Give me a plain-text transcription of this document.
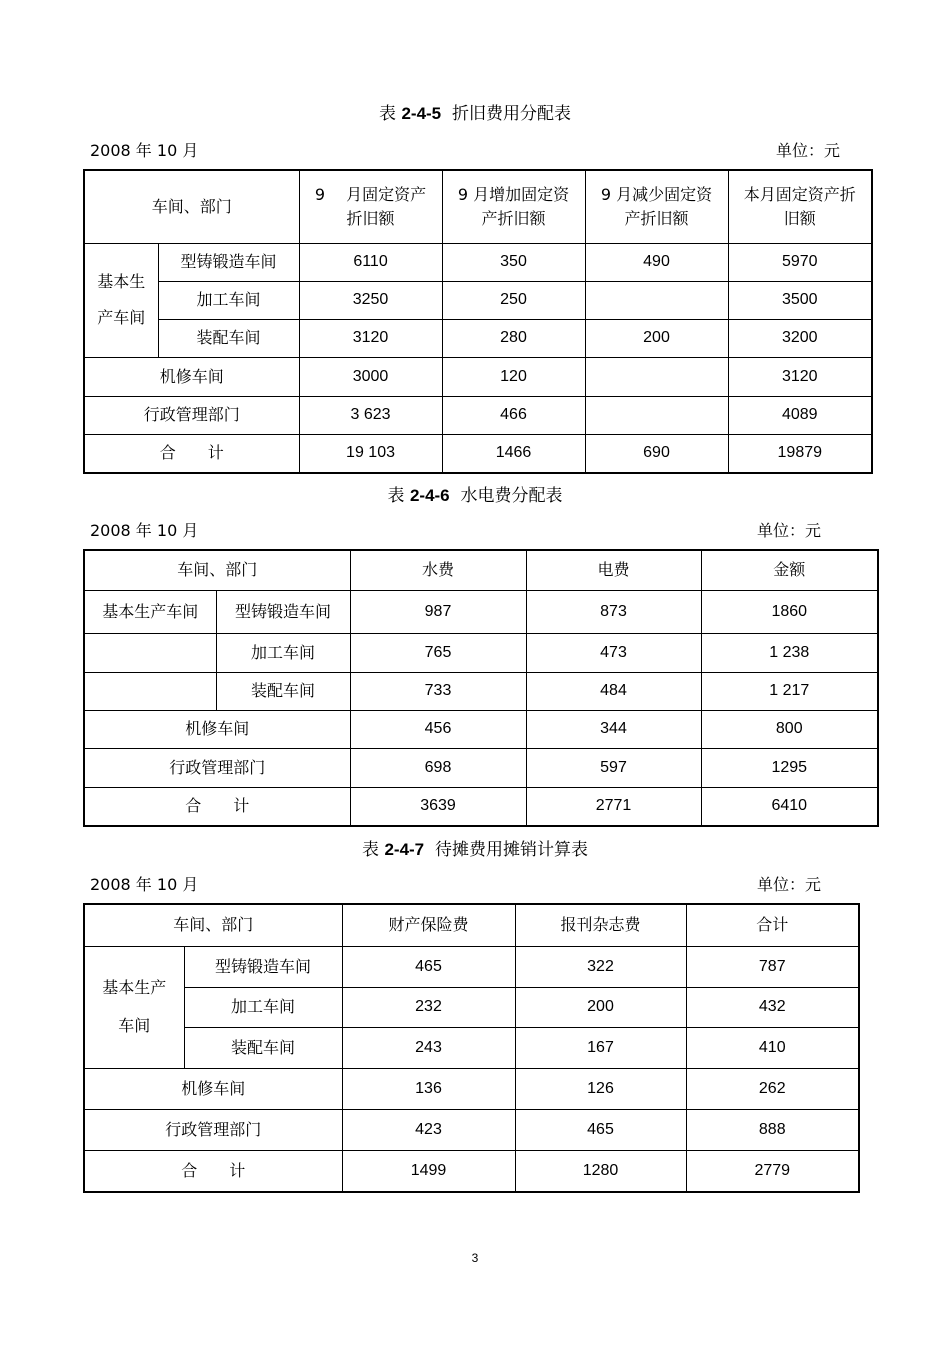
表 2-4-5 折旧费用分配表
2008 年 10 月	单位：元
车间、部门		9　 月固定资产折旧额	9 月增加固定资产折旧额	9 月减少固定资产折旧额	本月固定资产折旧额
基本生产车间	型铸锻造车间	6110	350	490	5970
	加工车间	3250	250		3500
	装配车间	3120	280	200	3200
机修车间		3000	120		3120
行政管理部门		3 623	466		4089
合　　计		19 103	1466	690	19879
表 2-4-6 水电费分配表
2008 年 10 月	单位：元
车间、部门		水费	电费	金额
基本生产车间	型铸锻造车间	987	873	1860
	加工车间	765	473	1 238
	装配车间	733	484	1 217
机修车间		456	344	800
行政管理部门		698	597	1295
合　　计		3639	2771	6410
表 2-4-7 待摊费用摊销计算表
2008 年 10 月	单位：元
车间、部门		财产保险费	报刊杂志费	合计
基本生产车间	型铸锻造车间	465	322	787
	加工车间	232	200	432
	装配车间	243	167	410
机修车间		136	126	262
行政管理部门		423	465	888
合　　计		1499	1280	2779
3
